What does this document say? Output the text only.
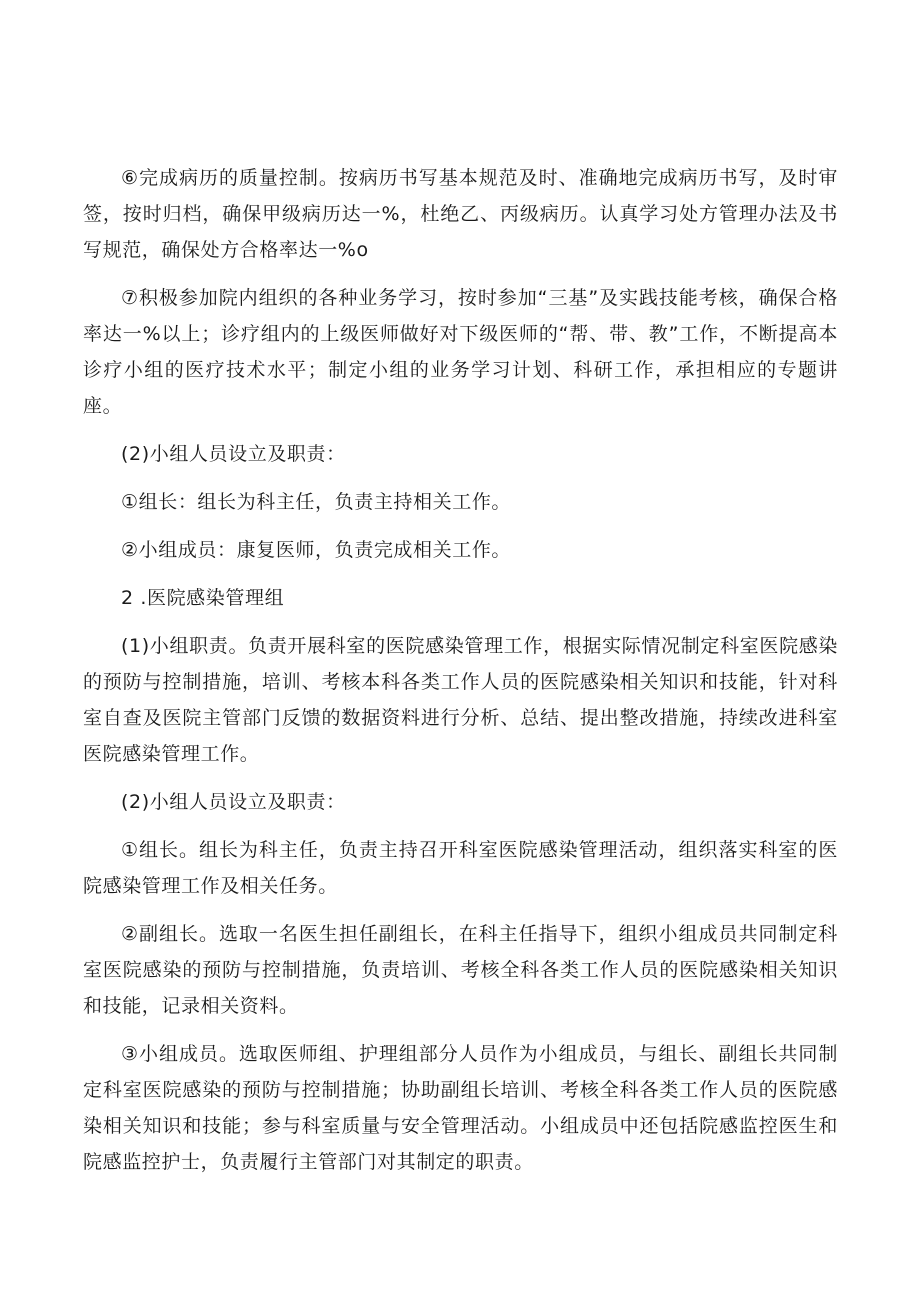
⑥完成病历的质量控制。按病历书写基本规范及时、准确地完成病历书写，及时审签，按时归档，确保甲级病历达一%，杜绝乙、丙级病历。认真学习处方管理办法及书写规范，确保处方合格率达一%o

⑦积极参加院内组织的各种业务学习，按时参加“三基”及实践技能考核，确保合格率达一%以上；诊疗组内的上级医师做好对下级医师的“帮、带、教”工作，不断提高本诊疗小组的医疗技术水平；制定小组的业务学习计划、科研工作，承担相应的专题讲座。

(2)小组人员设立及职责：

①组长：组长为科主任，负责主持相关工作。

②小组成员：康复医师，负责完成相关工作。

2 .医院感染管理组

(1)小组职责。负责开展科室的医院感染管理工作，根据实际情况制定科室医院感染的预防与控制措施，培训、考核本科各类工作人员的医院感染相关知识和技能，针对科室自查及医院主管部门反馈的数据资料进行分析、总结、提出整改措施，持续改进科室医院感染管理工作。

(2)小组人员设立及职责：

①组长。组长为科主任，负责主持召开科室医院感染管理活动，组织落实科室的医院感染管理工作及相关任务。

②副组长。选取一名医生担任副组长，在科主任指导下，组织小组成员共同制定科室医院感染的预防与控制措施，负责培训、考核全科各类工作人员的医院感染相关知识和技能，记录相关资料。

③小组成员。选取医师组、护理组部分人员作为小组成员，与组长、副组长共同制定科室医院感染的预防与控制措施；协助副组长培训、考核全科各类工作人员的医院感染相关知识和技能；参与科室质量与安全管理活动。小组成员中还包括院感监控医生和院感监控护士，负责履行主管部门对其制定的职责。
